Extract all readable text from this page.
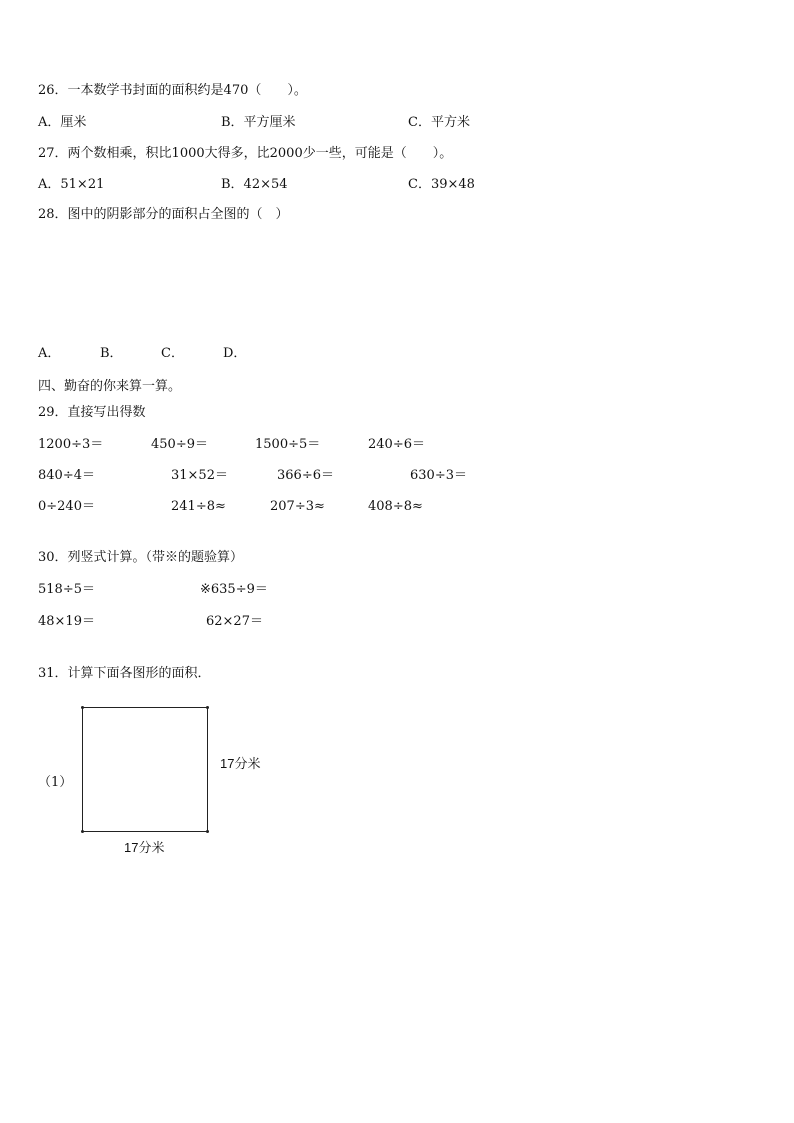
26．一本数学书封面的面积约是470（　　）。
A．厘米	B．平方厘米	C．平方米
27．两个数相乘，积比1000大得多，比2000少一些，可能是（　　）。
A．51×21	B．42×54	C．39×48
28．图中的阴影部分的面积占全图的（　）
A．	B．	C．	D．
四、勤奋的你来算一算。
29．直接写出得数
1200÷3＝	450÷9＝	1500÷5＝	240÷6＝
840÷4＝	31×52＝	366÷6＝	630÷3＝
0÷240＝	241÷8≈	207÷3≈	408÷8≈
30．列竖式计算。（带※的题验算）
518÷5＝	※635÷9＝
48×19＝	62×27＝
31．计算下面各图形的面积．
（1）
17分米
17分米
